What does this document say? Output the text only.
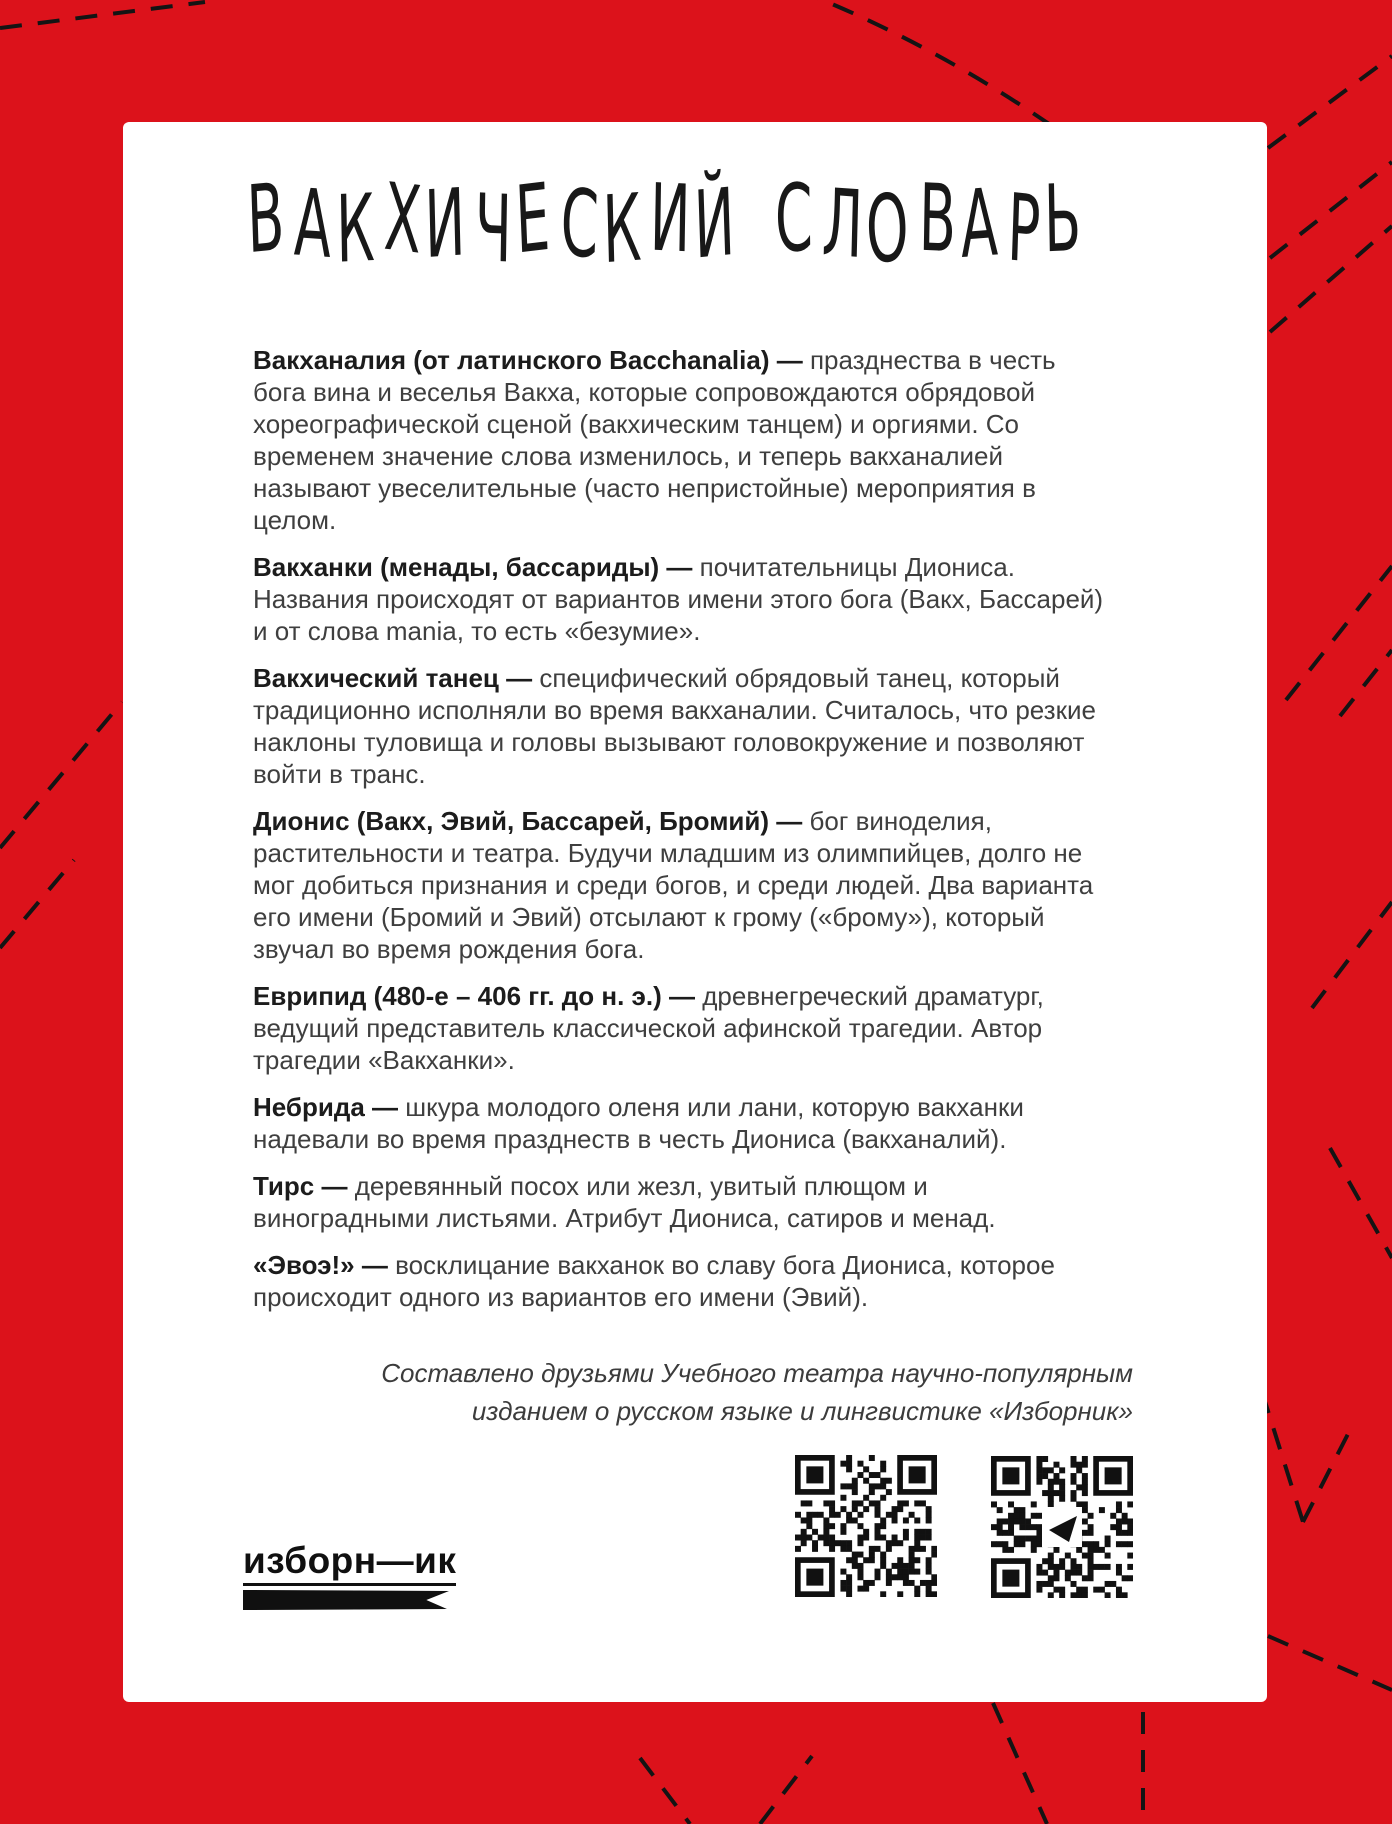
В А К Х И Ч Е С К И Й С Л О В А Р Ь

Вакханалия (от латинского Bacchanalia) — празднества в честь бога вина и веселья Вакха, которые сопровождаются обрядовой хореографической сценой (вакхическим танцем) и оргиями. Со временем значение слова изменилось, и теперь вакханалией называют увеселительные (часто непристойные) мероприятия в целом.

Вакханки (менады, бассариды) — почитательницы Диониса. Названия происходят от вариантов имени этого бога (Вакх, Бассарей) и от слова mania, то есть «безумие».

Вакхический танец — специфический обрядовый танец, который традиционно исполняли во время вакханалии. Считалось, что резкие наклоны туловища и головы вызывают головокружение и позволяют войти в транс.

Дионис (Вакх, Эвий, Бассарей, Бромий) — бог виноделия, растительности и театра. Будучи младшим из олимпийцев, долго не мог добиться признания и среди богов, и среди людей. Два варианта его имени (Бромий и Эвий) отсылают к грому («брому»), который звучал во время рождения бога.

Еврипид (480-е – 406 гг. до н. э.) — древнегреческий драматург, ведущий представитель классической афинской трагедии. Автор трагедии «Вакханки».

Небрида — шкура молодого оленя или лани, которую вакханки надевали во время празднеств в честь Диониса (вакханалий).

Тирс — деревянный посох или жезл, увитый плющом и виноградными листьями. Атрибут Диониса, сатиров и менад.

«Эвоэ!» — восклицание вакханок во славу бога Диониса, которое происходит одного из вариантов его имени (Эвий).

Составлено друзьями Учебного театра научно-популярным
изданием о русском языке и лингвистике «Изборник»
изборн—ик
